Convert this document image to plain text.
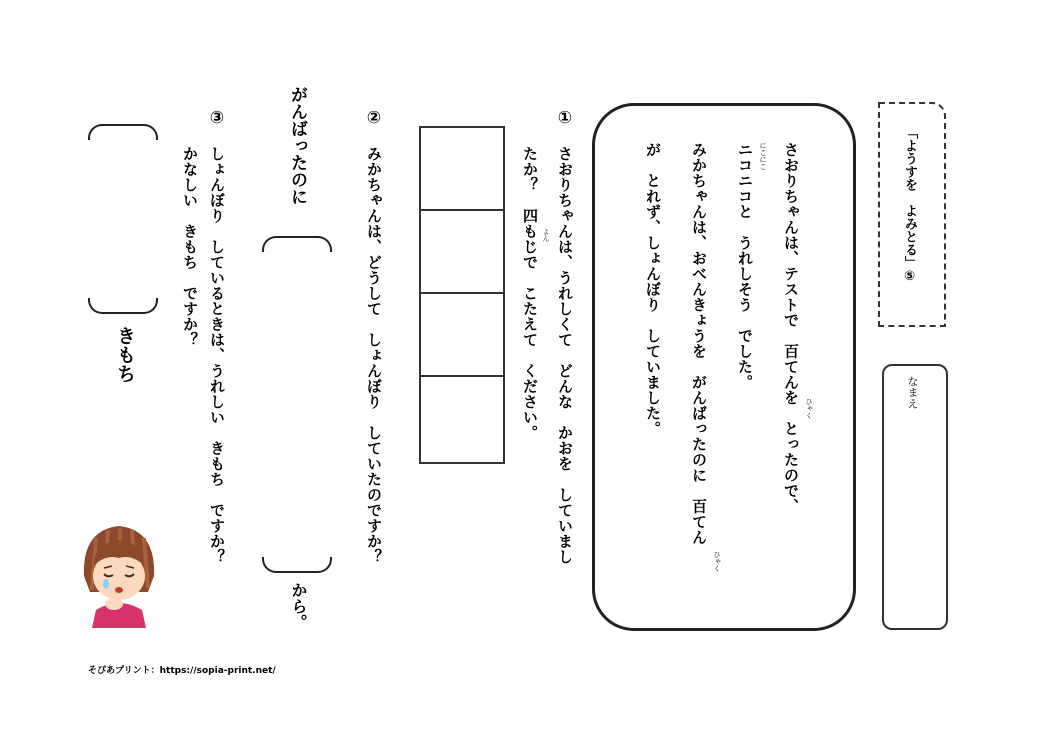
「ようすを　よみとる」⑤
なまえ
さおりちゃんは、テストで　百てんを　とったので、 ひゃく
ニコニコと　うれしそう　でした。 にこにこ
みかちゃんは、おべんきょうを　がんばったのに　百てん
ひゃく
が　とれず、しょんぼり　していました。
①
さおりちゃんは、うれしくて　どんな　かおを　していまし
たか？　四もじで　こたえて　ください。 よん
②
みかちゃんは、どうして　しょんぼり　していたのですか？
がんばったのに
から。
③
しょんぼり　しているときは、うれしい　きもち　ですか？
かなしい　きもち　ですか？
きもち
そぴあプリント：https://sopia-print.net/
